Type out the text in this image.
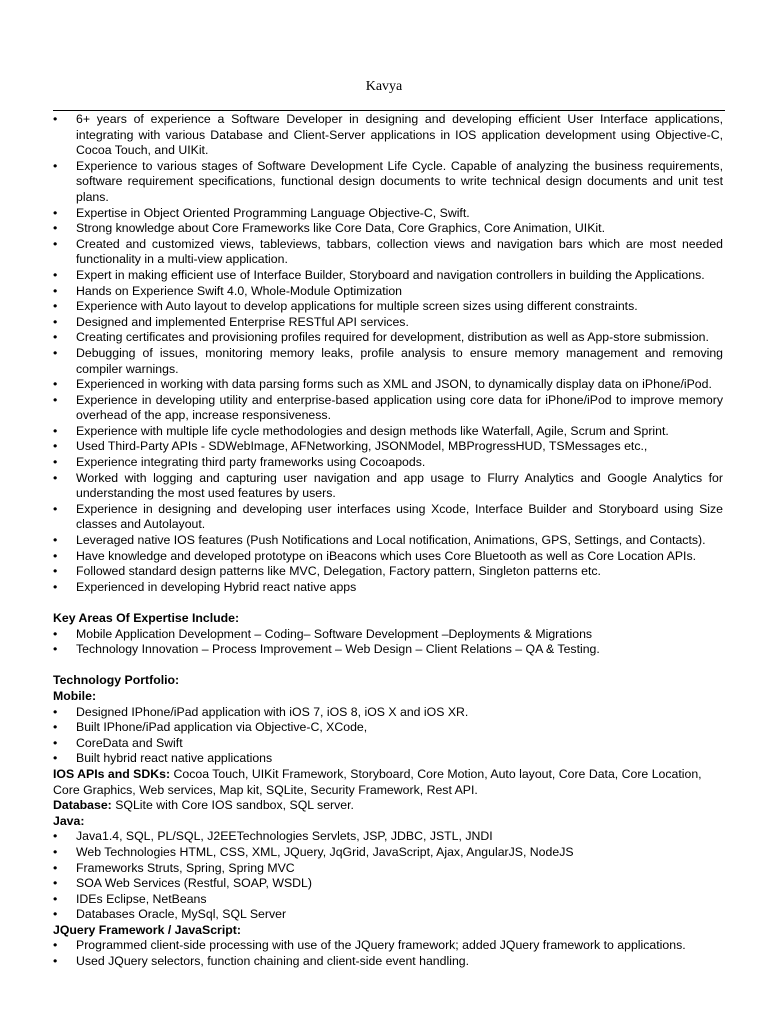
Kavya
• 6+ years of experience a Software Developer in designing and developing efficient User Interface applications, integrating with various Database and Client-Server applications in IOS application development using Objective-C, Cocoa Touch, and UIKit.
• Experience to various stages of Software Development Life Cycle. Capable of analyzing the business requirements, software requirement specifications, functional design documents to write technical design documents and unit test plans.
• Expertise in Object Oriented Programming Language Objective-C, Swift.
• Strong knowledge about Core Frameworks like Core Data, Core Graphics, Core Animation, UIKit.
• Created and customized views, tableviews, tabbars, collection views and navigation bars which are most needed functionality in a multi-view application.
• Expert in making efficient use of Interface Builder, Storyboard and navigation controllers in building the Applications.
• Hands on Experience Swift 4.0, Whole-Module Optimization
• Experience with Auto layout to develop applications for multiple screen sizes using different constraints.
• Designed and implemented Enterprise RESTful API services.
• Creating certificates and provisioning profiles required for development, distribution as well as App-store submission.
• Debugging of issues, monitoring memory leaks, profile analysis to ensure memory management and removing compiler warnings.
• Experienced in working with data parsing forms such as XML and JSON, to dynamically display data on iPhone/iPod.
• Experience in developing utility and enterprise-based application using core data for iPhone/iPod to improve memory overhead of the app, increase responsiveness.
• Experience with multiple life cycle methodologies and design methods like Waterfall, Agile, Scrum and Sprint.
• Used Third-Party APIs - SDWebImage, AFNetworking, JSONModel, MBProgressHUD, TSMessages etc.,
• Experience integrating third party frameworks using Cocoapods.
• Worked with logging and capturing user navigation and app usage to Flurry Analytics and Google Analytics for understanding the most used features by users.
• Experience in designing and developing user interfaces using Xcode, Interface Builder and Storyboard using Size classes and Autolayout.
• Leveraged native IOS features (Push Notifications and Local notification, Animations, GPS, Settings, and Contacts).
• Have knowledge and developed prototype on iBeacons which uses Core Bluetooth as well as Core Location APIs.
• Followed standard design patterns like MVC, Delegation, Factory pattern, Singleton patterns etc.
• Experienced in developing Hybrid react native apps

Key Areas Of Expertise Include:

• Mobile Application Development – Coding– Software Development –Deployments & Migrations
• Technology Innovation – Process Improvement – Web Design – Client Relations – QA & Testing.

Technology Portfolio:

Mobile:

• Designed IPhone/iPad application with iOS 7, iOS 8, iOS X and iOS XR.
• Built IPhone/iPad application via Objective-C, XCode,
• CoreData and Swift
• Built hybrid react native applications

IOS APIs and SDKs: Cocoa Touch, UIKit Framework, Storyboard, Core Motion, Auto layout, Core Data, Core Location, Core Graphics, Web services, Map kit, SQLite, Security Framework, Rest API.

Database: SQLite with Core IOS sandbox, SQL server.

Java:

• Java1.4, SQL, PL/SQL, J2EETechnologies Servlets, JSP, JDBC, JSTL, JNDI
• Web Technologies HTML, CSS, XML, JQuery, JqGrid, JavaScript, Ajax, AngularJS, NodeJS
• Frameworks Struts, Spring, Spring MVC
• SOA Web Services (Restful, SOAP, WSDL)
• IDEs Eclipse, NetBeans
• Databases Oracle, MySql, SQL Server

JQuery Framework / JavaScript:

• Programmed client-side processing with use of the JQuery framework; added JQuery framework to applications.
• Used JQuery selectors, function chaining and client-side event handling.
